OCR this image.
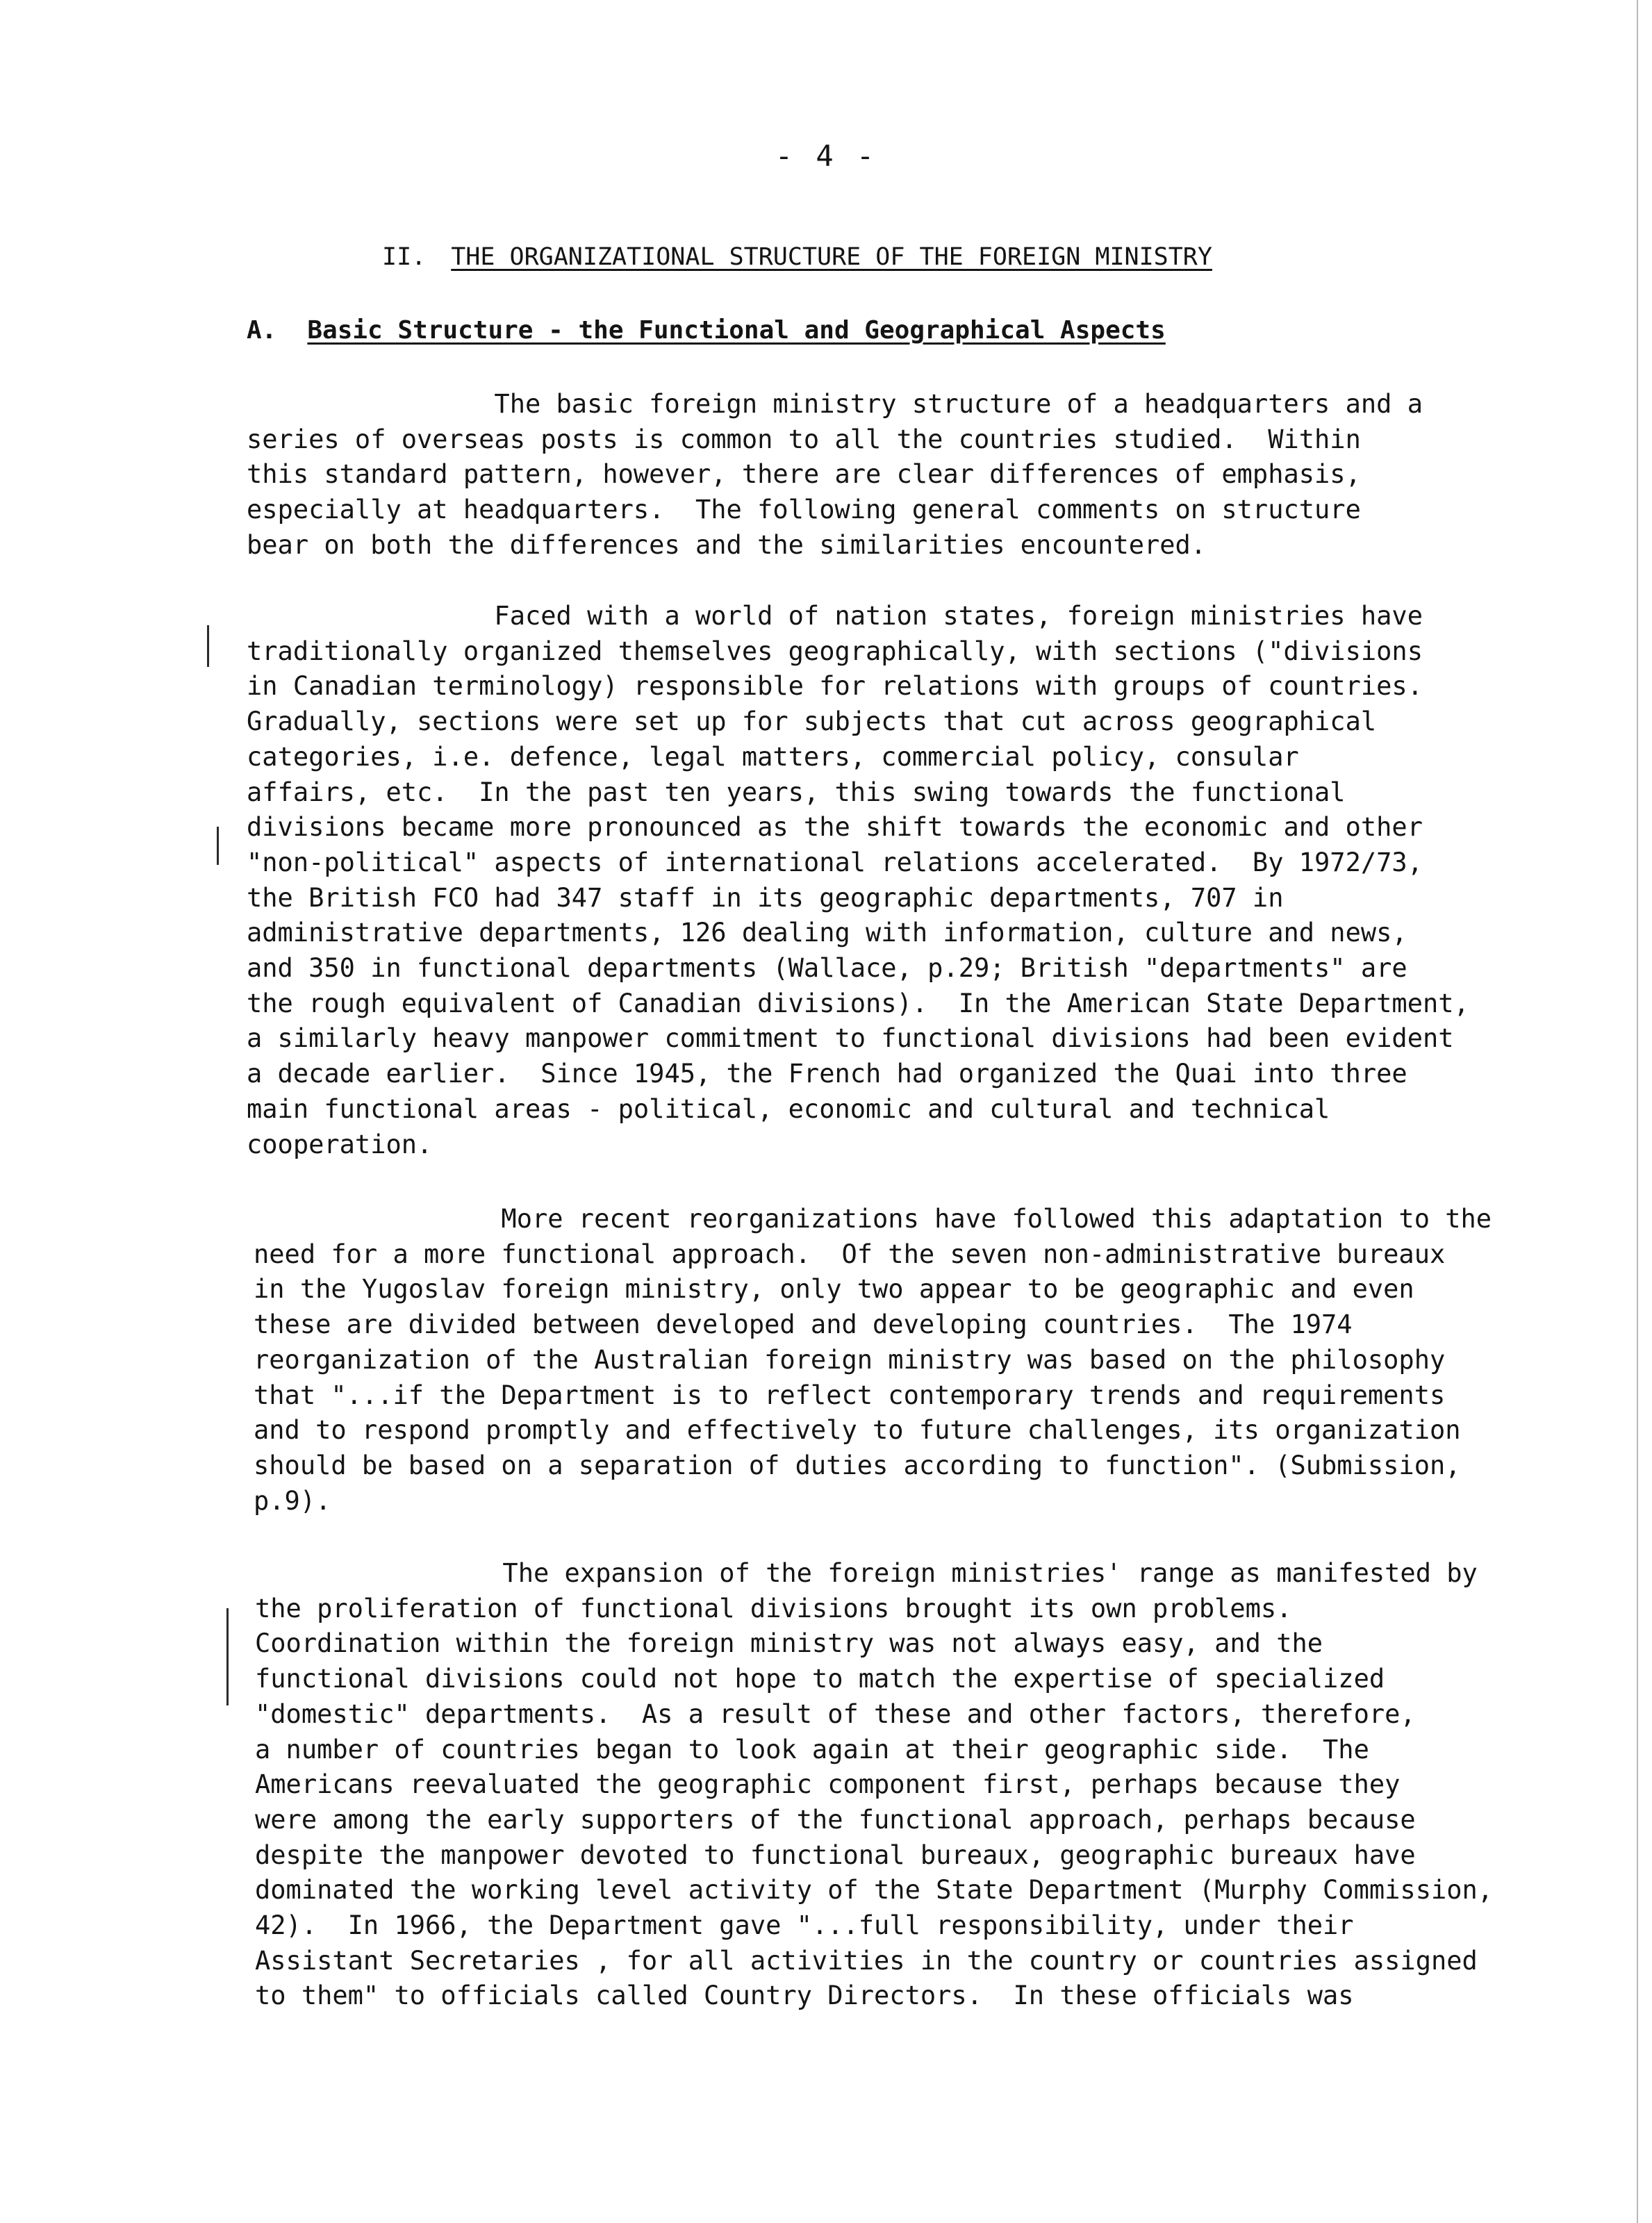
- 4 -
II. THE ORGANIZATIONAL STRUCTURE OF THE FOREIGN MINISTRY
A. Basic Structure - the Functional and Geographical Aspects
The basic foreign ministry structure of a headquarters and a
series of overseas posts is common to all the countries studied.  Within
this standard pattern, however, there are clear differences of emphasis,
especially at headquarters.  The following general comments on structure
bear on both the differences and the similarities encountered.
Faced with a world of nation states, foreign ministries have
traditionally organized themselves geographically, with sections ("divisions
in Canadian terminology) responsible for relations with groups of countries.
Gradually, sections were set up for subjects that cut across geographical
categories, i.e. defence, legal matters, commercial policy, consular
affairs, etc.  In the past ten years, this swing towards the functional
divisions became more pronounced as the shift towards the economic and other
"non-political" aspects of international relations accelerated.  By 1972/73,
the British FCO had 347 staff in its geographic departments, 707 in
administrative departments, 126 dealing with information, culture and news,
and 350 in functional departments (Wallace, p.29; British "departments" are
the rough equivalent of Canadian divisions).  In the American State Department,
a similarly heavy manpower commitment to functional divisions had been evident
a decade earlier.  Since 1945, the French had organized the Quai into three
main functional areas - political, economic and cultural and technical
cooperation.
More recent reorganizations have followed this adaptation to the
need for a more functional approach.  Of the seven non-administrative bureaux
in the Yugoslav foreign ministry, only two appear to be geographic and even
these are divided between developed and developing countries.  The 1974
reorganization of the Australian foreign ministry was based on the philosophy
that "...if the Department is to reflect contemporary trends and requirements
and to respond promptly and effectively to future challenges, its organization
should be based on a separation of duties according to function". (Submission,
p.9).
The expansion of the foreign ministries' range as manifested by
the proliferation of functional divisions brought its own problems.
Coordination within the foreign ministry was not always easy, and the
functional divisions could not hope to match the expertise of specialized
"domestic" departments.  As a result of these and other factors, therefore,
a number of countries began to look again at their geographic side.  The
Americans reevaluated the geographic component first, perhaps because they
were among the early supporters of the functional approach, perhaps because
despite the manpower devoted to functional bureaux, geographic bureaux have
dominated the working level activity of the State Department (Murphy Commission,
42).  In 1966, the Department gave "...full responsibility, under their
Assistant Secretaries , for all activities in the country or countries assigned
to them" to officials called Country Directors.  In these officials was
